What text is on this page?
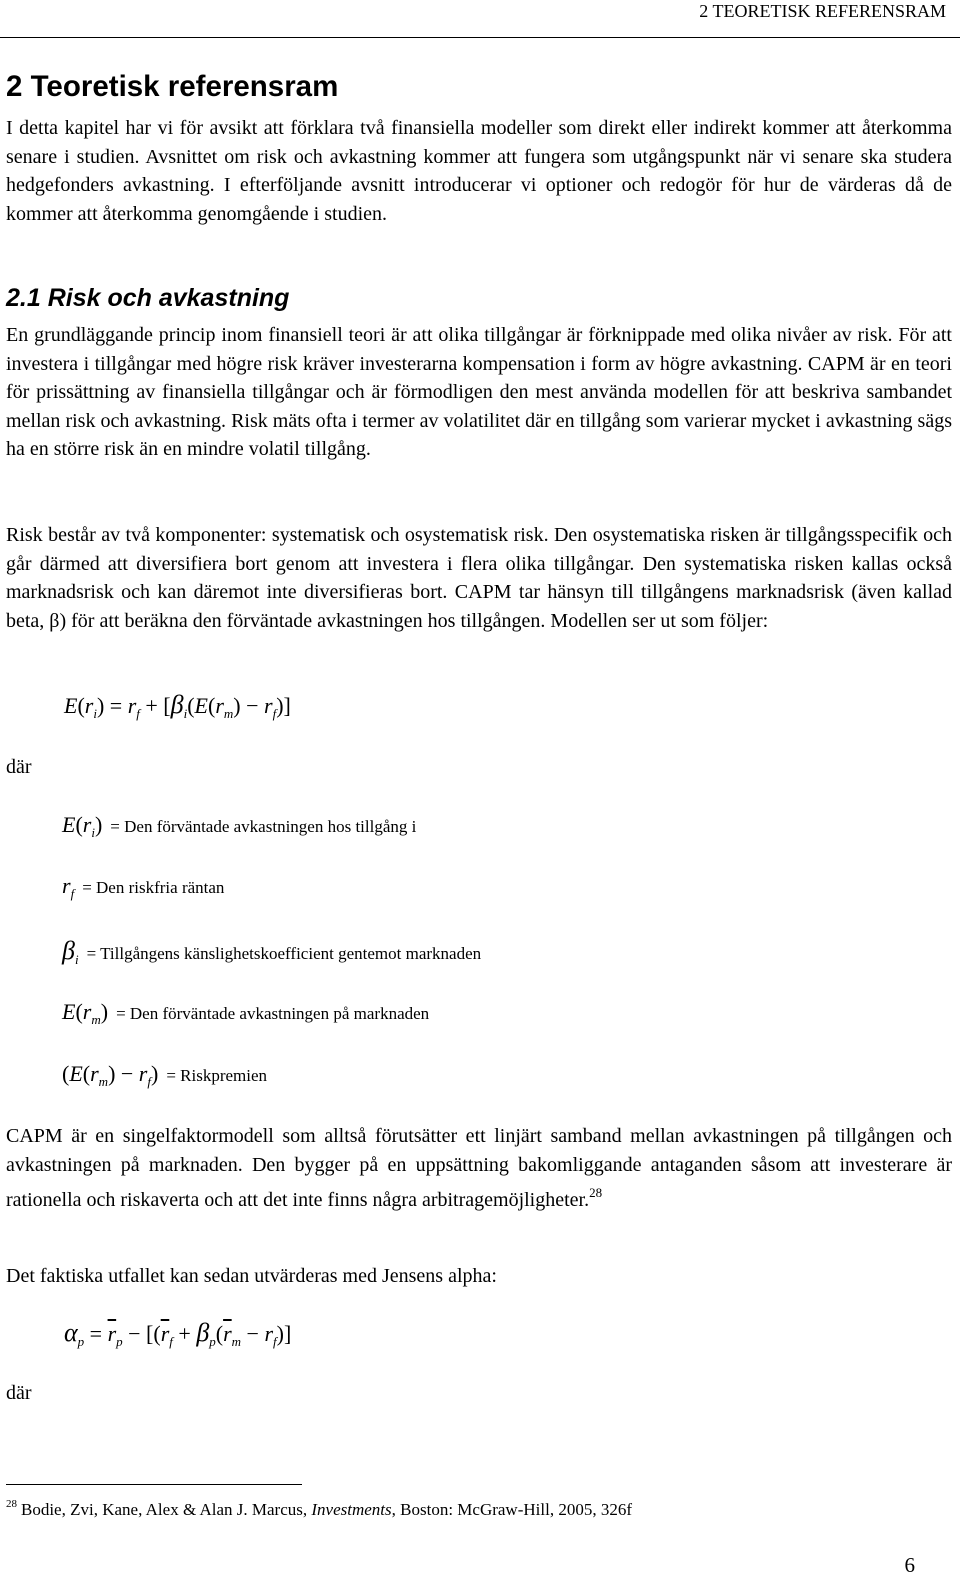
2 TEORETISK REFERENSRAM
2 Teoretisk referensram

I detta kapitel har vi för avsikt att förklara två finansiella modeller som direkt eller indirekt kommer att återkomma senare i studien. Avsnittet om risk och avkastning kommer att fungera som utgångspunkt när vi senare ska studera hedgefonders avkastning. I efterföljande avsnitt introducerar vi optioner och redogör för hur de värderas då de kommer att återkomma genomgående i studien.

2.1 Risk och avkastning

En grundläggande princip inom finansiell teori är att olika tillgångar är förknippade med olika nivåer av risk. För att investera i tillgångar med högre risk kräver investerarna kompensation i form av högre avkastning. CAPM är en teori för prissättning av finansiella tillgångar och är förmodligen den mest använda modellen för att beskriva sambandet mellan risk och avkastning. Risk mäts ofta i termer av volatilitet där en tillgång som varierar mycket i avkastning sägs ha en större risk än en mindre volatil tillgång.

Risk består av två komponenter: systematisk och osystematisk risk. Den osystematiska risken är tillgångsspecifik och går därmed att diversifiera bort genom att investera i flera olika tillgångar. Den systematiska risken kallas också marknadsrisk och kan däremot inte diversifieras bort. CAPM tar hänsyn till tillgångens marknadsrisk (även kallad beta, β) för att beräkna den förväntade avkastningen hos tillgången. Modellen ser ut som följer:

$E(r_i) = r_f + [\beta_i(E(r_m) - r_f)]$
där
$E(r_i)$ = Den förväntade avkastningen hos tillgång i
$r_f$ = Den riskfria räntan
$\beta_i$ = Tillgångens känslighetskoefficient gentemot marknaden
$E(r_m)$ = Den förväntade avkastningen på marknaden
$(E(r_m) - r_f)$ = Riskpremien

CAPM är en singelfaktormodell som alltså förutsätter ett linjärt samband mellan avkastningen på tillgången och avkastningen på marknaden. Den bygger på en uppsättning bakomliggande antaganden såsom att investerare är rationella och riskaverta och att det inte finns några arbitragemöjligheter.$^{28}$

Det faktiska utfallet kan sedan utvärderas med Jensens alpha:

$\alpha_p = \overline{r}_p - [(\overline{r}_f + \beta_p(\overline{r}_m - r_f)]$
där
$^{28}$ Bodie, Zvi, Kane, Alex & Alan J. Marcus, Investments, Boston: McGraw-Hill, 2005, 326f
6
